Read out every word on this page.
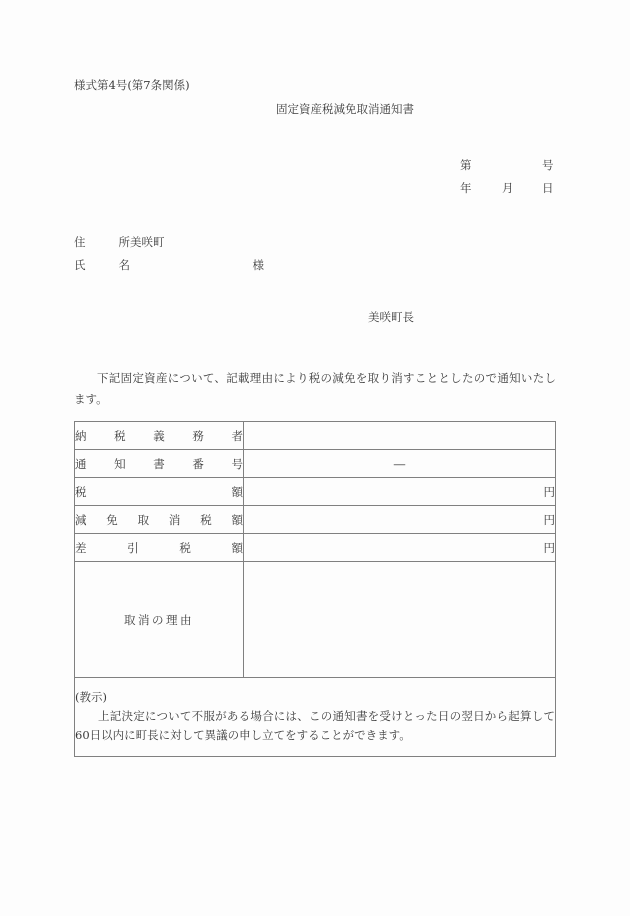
様式第4号(第7条関係)
固定資産税減免取消通知書
第	号
年	月	日
住所 美咲町
氏名	様
美咲町長
下記固定資産について、記載理由により税の減免を取り消すこととしたので通知いたします。
納税義務者	

通知書番号	―

税額	円

減免取消税額	円

差引税額	円

取消の理由	

(教示)
上記決定について不服がある場合には、この通知書を受けとった日の翌日から起算して60日以内に町長に対して異議の申し立てをすることができます。	
